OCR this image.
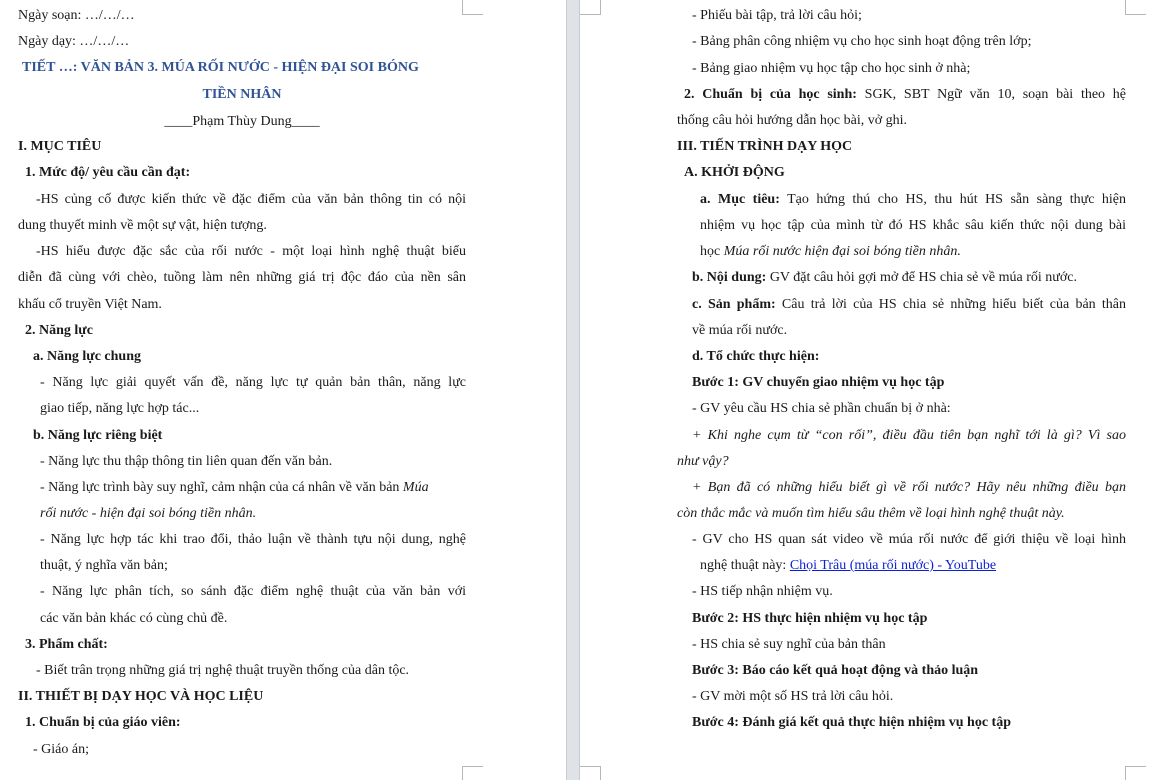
Ngày soạn: …/…/…
Ngày dạy: …/…/…
TIẾT …: VĂN BẢN 3. MÚA RỐI NƯỚC - HIỆN ĐẠI SOI BÓNG
TIỀN NHÂN
____Phạm Thùy Dung____
I. MỤC TIÊU
1. Mức độ/ yêu cầu cần đạt:
-HS củng cố được kiến thức về đặc điểm của văn bản thông tin có nội
dung thuyết minh về một sự vật, hiện tượng.
-HS hiểu được đặc sắc của rối nước - một loại hình nghệ thuật biểu
diễn đã cùng với chèo, tuồng làm nên những giá trị độc đáo của nền sân
khấu cổ truyền Việt Nam.
2. Năng lực
a. Năng lực chung
- Năng lực giải quyết vấn đề, năng lực tự quản bản thân, năng lực
giao tiếp, năng lực hợp tác...
b. Năng lực riêng biệt
- Năng lực thu thập thông tin liên quan đến văn bản.
- Năng lực trình bày suy nghĩ, cảm nhận của cá nhân về văn bản Múa
rối nước - hiện đại soi bóng tiền nhân.
- Năng lực hợp tác khi trao đổi, thảo luận về thành tựu nội dung, nghệ
thuật, ý nghĩa văn bản;
- Năng lực phân tích, so sánh đặc điểm nghệ thuật của văn bản với
các văn bản khác có cùng chủ đề.
3. Phẩm chất:
- Biết trân trọng những giá trị nghệ thuật truyền thống của dân tộc.
II. THIẾT BỊ DẠY HỌC VÀ HỌC LIỆU
1. Chuẩn bị của giáo viên:
- Giáo án;
- Phiếu bài tập, trả lời câu hỏi;
- Bảng phân công nhiệm vụ cho học sinh hoạt động trên lớp;
- Bảng giao nhiệm vụ học tập cho học sinh ở nhà;
2. Chuẩn bị của học sinh: SGK, SBT Ngữ văn 10, soạn bài theo hệ
thống câu hỏi hướng dẫn học bài, vở ghi.
III. TIẾN TRÌNH DẠY HỌC
A. KHỞI ĐỘNG
a. Mục tiêu: Tạo hứng thú cho HS, thu hút HS sẵn sàng thực hiện
nhiệm vụ học tập của mình từ đó HS khắc sâu kiến thức nội dung bài
học Múa rối nước hiện đại soi bóng tiền nhân.
b. Nội dung: GV đặt câu hỏi gợi mở để HS chia sẻ về múa rối nước.
c. Sản phẩm: Câu trả lời của HS chia sẻ những hiểu biết của bản thân
về múa rối nước.
d. Tổ chức thực hiện:
Bước 1: GV chuyển giao nhiệm vụ học tập
- GV yêu cầu HS chia sẻ phần chuẩn bị ở nhà:
+ Khi nghe cụm từ “con rối”, điều đầu tiên bạn nghĩ tới là gì? Vì sao
như vậy?
+ Bạn đã có những hiểu biết gì về rối nước? Hãy nêu những điều bạn
còn thắc mắc và muốn tìm hiểu sâu thêm về loại hình nghệ thuật này.
- GV cho HS quan sát video về múa rối nước để giới thiệu về loại hình
nghệ thuật này: Chọi Trâu (múa rối nước) - YouTube
- HS tiếp nhận nhiệm vụ.
Bước 2: HS thực hiện nhiệm vụ học tập
- HS chia sẻ suy nghĩ của bản thân
Bước 3: Báo cáo kết quả hoạt động và thảo luận
- GV mời một số HS trả lời câu hỏi.
Bước 4: Đánh giá kết quả thực hiện nhiệm vụ học tập
